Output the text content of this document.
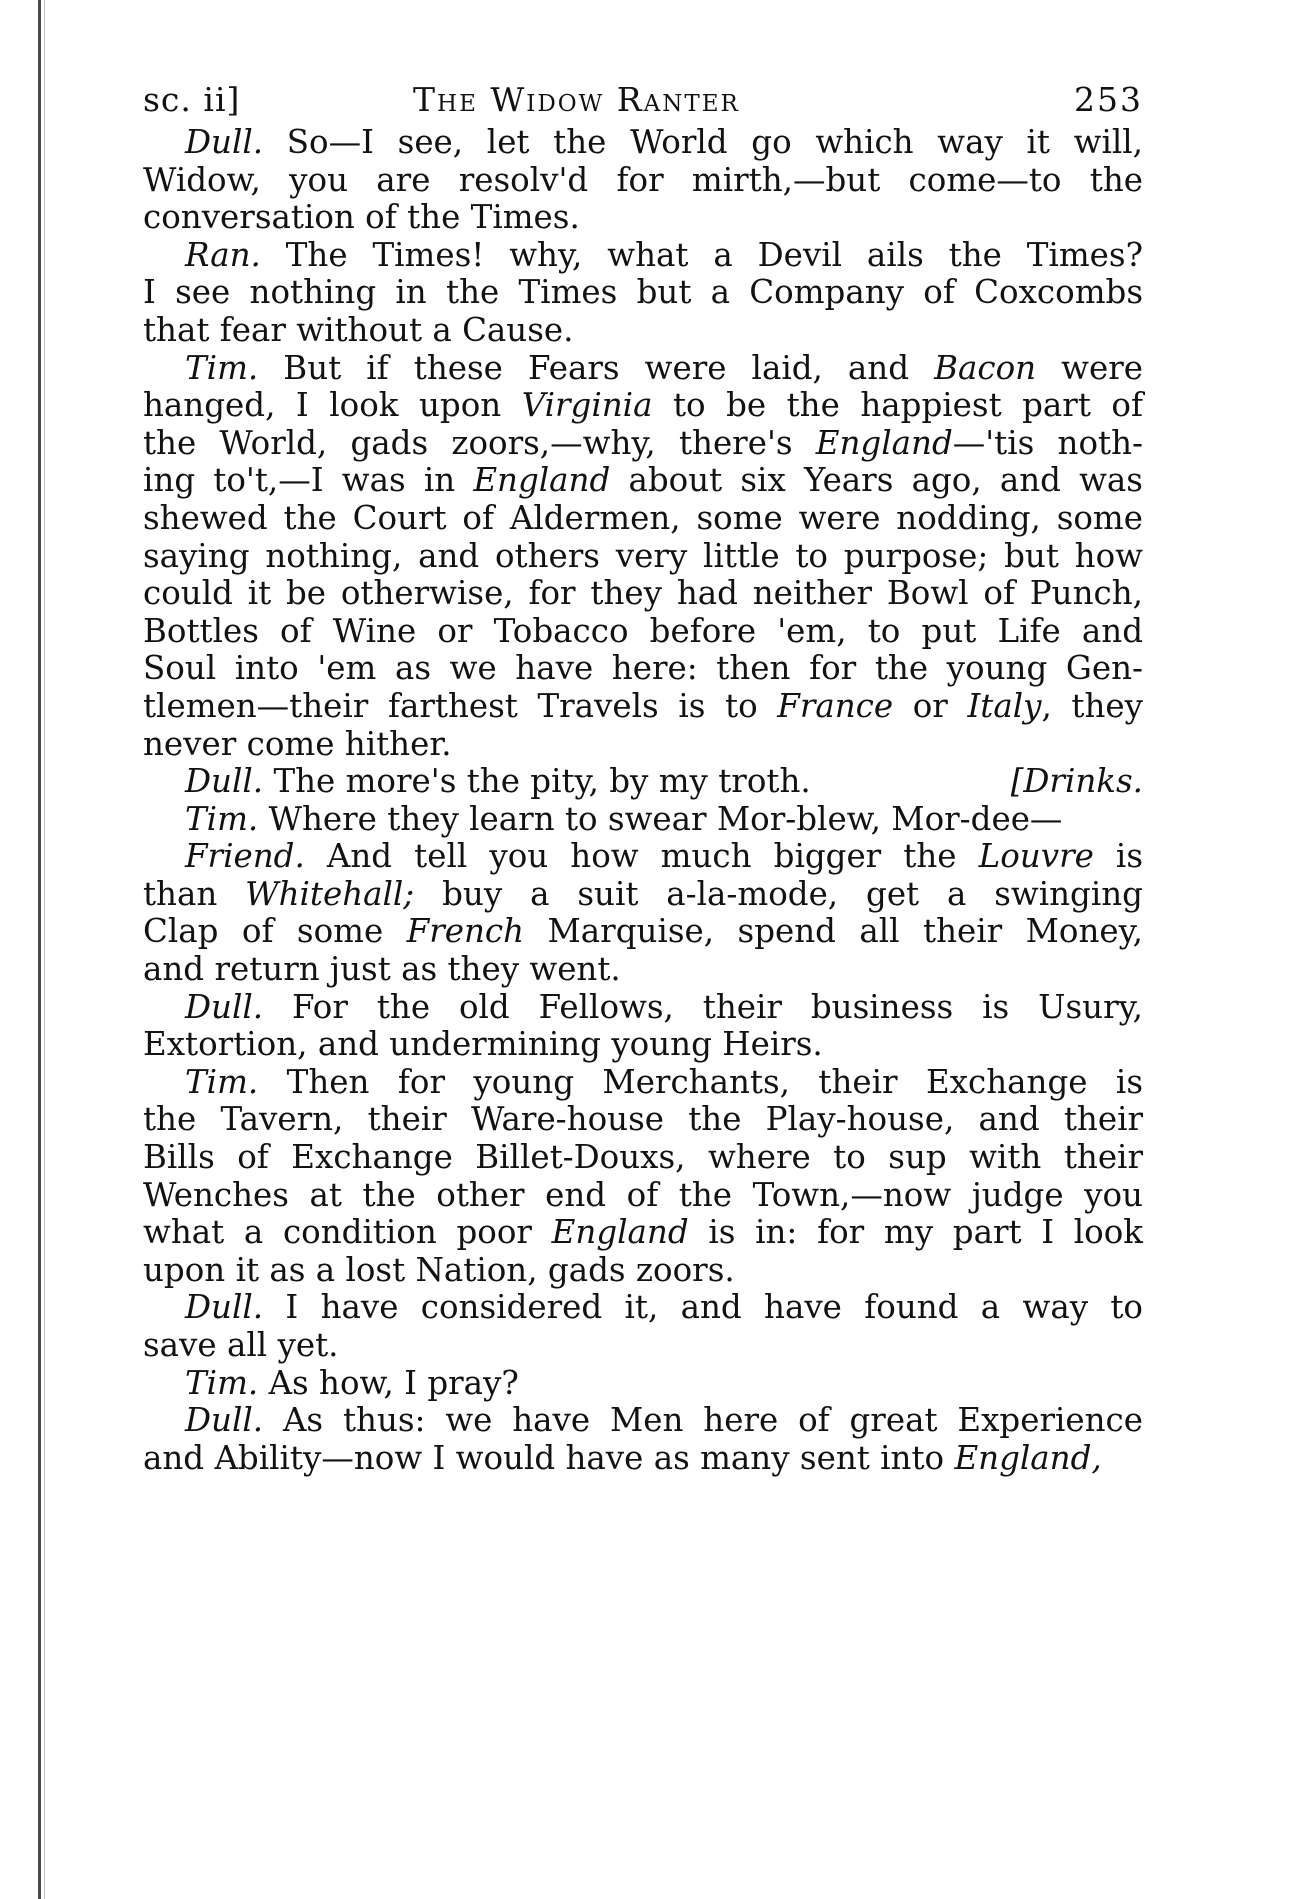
sc. ii]	The Widow Ranter	253
Dull. So—I see, let the World go which way it will,
Widow, you are resolv'd for mirth,—but come—to the
conversation of the Times.
Ran. The Times! why, what a Devil ails the Times?
I see nothing in the Times but a Company of Coxcombs
that fear without a Cause.
Tim. But if these Fears were laid, and Bacon were
hanged, I look upon Virginia to be the happiest part of
the World, gads zoors,—why, there's England—'tis noth-
ing to't,—I was in England about six Years ago, and was
shewed the Court of Aldermen, some were nodding, some
saying nothing, and others very little to purpose; but how
could it be otherwise, for they had neither Bowl of Punch,
Bottles of Wine or Tobacco before 'em, to put Life and
Soul into 'em as we have here: then for the young Gen-
tlemen—their farthest Travels is to France or Italy, they
never come hither.
Dull. The more's the pity, by my troth.	[Drinks.
Tim. Where they learn to swear Mor-blew, Mor-dee—
Friend. And tell you how much bigger the Louvre is
than Whitehall; buy a suit a-la-mode, get a swinging
Clap of some French Marquise, spend all their Money,
and return just as they went.
Dull. For the old Fellows, their business is Usury,
Extortion, and undermining young Heirs.
Tim. Then for young Merchants, their Exchange is
the Tavern, their Ware-house the Play-house, and their
Bills of Exchange Billet-Douxs, where to sup with their
Wenches at the other end of the Town,—now judge you
what a condition poor England is in: for my part I look
upon it as a lost Nation, gads zoors.
Dull. I have considered it, and have found a way to
save all yet.
Tim. As how, I pray?
Dull. As thus: we have Men here of great Experience
and Ability—now I would have as many sent into England,
